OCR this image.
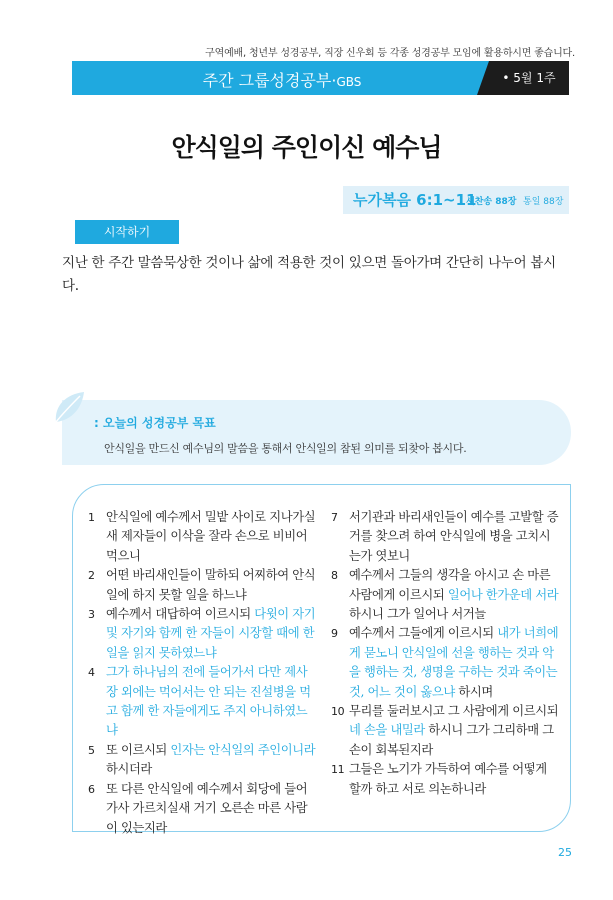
구역예배, 청년부 성경공부, 직장 신우회 등 각종 성경공부 모임에 활용하시면 좋습니다.
주간 그룹성경공부·GBS	• 5월 1주
안식일의 주인이신 예수님
누가복음 6:1~11
새찬송 88장 통일 88장
시작하기
지난 한 주간 말씀묵상한 것이나 삶에 적용한 것이 있으면 돌아가며 간단히 나누어 봅시다.
: 오늘의 성경공부 목표
안식일을 만드신 예수님의 말씀을 통해서 안식일의 참된 의미를 되찾아 봅시다.
1 안식일에 예수께서 밀밭 사이로 지나가실새 제자들이 이삭을 잘라 손으로 비비어 먹으니
2 어떤 바리새인들이 말하되 어찌하여 안식일에 하지 못할 일을 하느냐
3 예수께서 대답하여 이르시되 다윗이 자기 및 자기와 함께 한 자들이 시장할 때에 한 일을 읽지 못하였느냐
4 그가 하나님의 전에 들어가서 다만 제사장 외에는 먹어서는 안 되는 진설병을 먹고 함께 한 자들에게도 주지 아니하였느냐
5 또 이르시되 인자는 안식일의 주인이니라 하시더라
6 또 다른 안식일에 예수께서 회당에 들어가사 가르치실새 거기 오른손 마른 사람이 있는지라
7 서기관과 바리새인들이 예수를 고발할 증거를 찾으려 하여 안식일에 병을 고치시는가 엿보니
8 예수께서 그들의 생각을 아시고 손 마른 사람에게 이르시되 일어나 한가운데 서라 하시니 그가 일어나 서거늘
9 예수께서 그들에게 이르시되 내가 너희에게 묻노니 안식일에 선을 행하는 것과 악을 행하는 것, 생명을 구하는 것과 죽이는 것, 어느 것이 옳으냐 하시며
10 무리를 둘러보시고 그 사람에게 이르시되 네 손을 내밀라 하시니 그가 그리하매 그 손이 회복된지라
11 그들은 노기가 가득하여 예수를 어떻게 할까 하고 서로 의논하니라
25
